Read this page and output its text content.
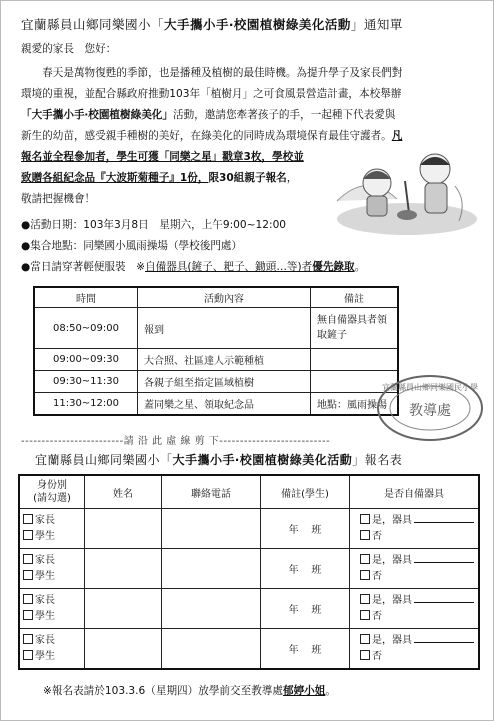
宜蘭縣員山鄉同樂國小「大手攜小手‧校園植樹綠美化活動」通知單
親愛的家長　您好：
　　春天是萬物復甦的季節，也是播種及植樹的最佳時機。為提升學子及家長們對
環境的重視，並配合縣政府推動103年「植樹月」之可食風景營造計畫，本校舉辦
「大手攜小手‧校園植樹綠美化」活動，邀請您牽著孩子的手，一起種下代表愛與
新生的幼苗，感受親手種樹的美好，在綠美化的同時成為環境保育最佳守護者。凡
報名並全程參加者，學生可獲「同樂之星」戳章3枚，學校並
致贈各組紀念品『大波斯菊種子』1份，限30組親子報名，
敬請把握機會！
●活動日期：103年3月8日　星期六，上午9:00~12:00
●集合地點：同樂國小風雨操場（學校後門處）
●當日請穿著輕便服裝　※自備器具(鏟子、耙子、鋤頭…等)者優先錄取。
時間	活動內容	備註
08:50~09:00	報到	無自備器具者領取鏟子
09:00~09:30	大合照、社區達人示範種植	
09:30~11:30	各親子組至指定區域植樹	
11:30~12:00	蓋同樂之星、領取紀念品	地點：風雨操場
宜蘭縣員山鄉同樂國民小學
教導處
-------------------------請 沿 此 虛 線 剪 下---------------------------
宜蘭縣員山鄉同樂國小「大手攜小手‧校園植樹綠美化活動」報名表
身份別
(請勾選)	姓名	聯絡電話	備註(學生)	是否自備器具
家長
學生			年 班	是，器具
否
家長
學生			年 班	是，器具
否
家長
學生			年 班	是，器具
否
家長
學生			年 班	是，器具
否
※報名表請於103.3.6（星期四）放學前交至教導處郁婷小姐。
